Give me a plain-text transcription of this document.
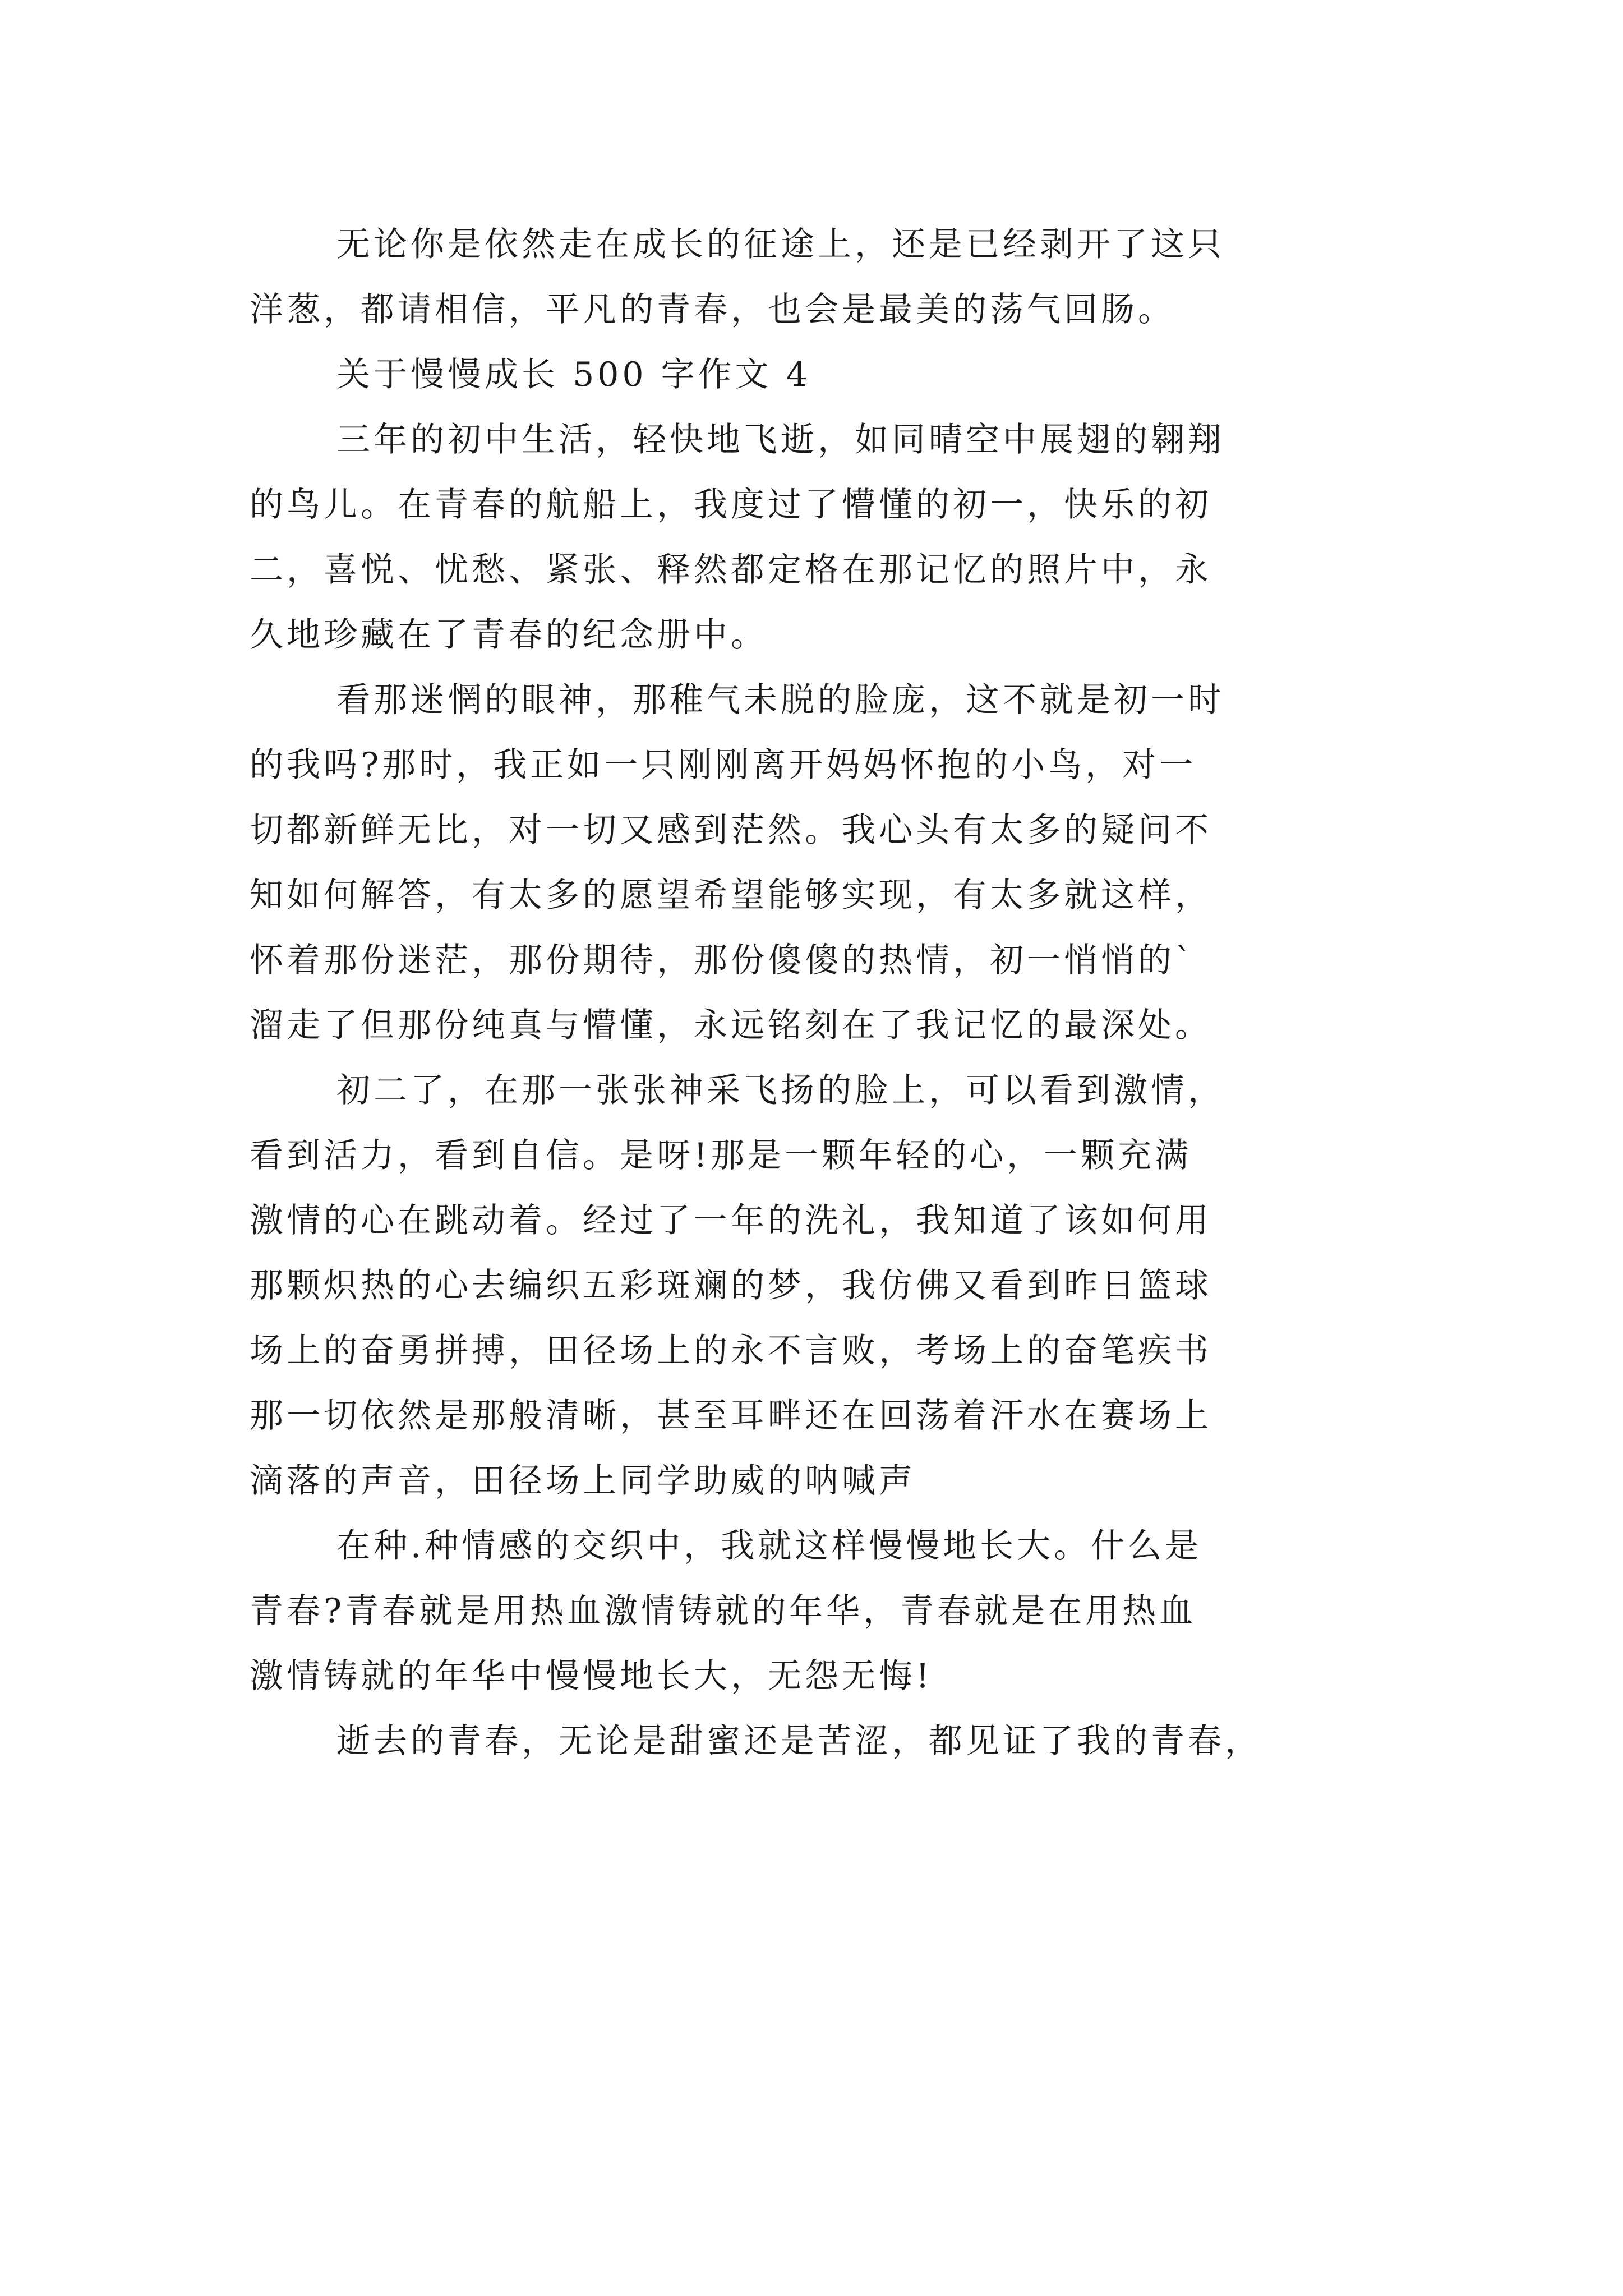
无论你是依然走在成长的征途上，还是已经剥开了这只
洋葱，都请相信，平凡的青春，也会是最美的荡气回肠。
关于慢慢成长 500 字作文 4
三年的初中生活，轻快地飞逝，如同晴空中展翅的翱翔
的鸟儿。在青春的航船上，我度过了懵懂的初一，快乐的初
二，喜悦、忧愁、紧张、释然都定格在那记忆的照片中，永
久地珍藏在了青春的纪念册中。
看那迷惘的眼神，那稚气未脱的脸庞，这不就是初一时
的我吗?那时，我正如一只刚刚离开妈妈怀抱的小鸟，对一
切都新鲜无比，对一切又感到茫然。我心头有太多的疑问不
知如何解答，有太多的愿望希望能够实现，有太多就这样，
怀着那份迷茫，那份期待，那份傻傻的热情，初一悄悄的`
溜走了但那份纯真与懵懂，永远铭刻在了我记忆的最深处。
初二了，在那一张张神采飞扬的脸上，可以看到激情，
看到活力，看到自信。是呀!那是一颗年轻的心，一颗充满
激情的心在跳动着。经过了一年的洗礼，我知道了该如何用
那颗炽热的心去编织五彩斑斓的梦，我仿佛又看到昨日篮球
场上的奋勇拼搏，田径场上的永不言败，考场上的奋笔疾书
那一切依然是那般清晰，甚至耳畔还在回荡着汗水在赛场上
滴落的声音，田径场上同学助威的呐喊声
在种.种情感的交织中，我就这样慢慢地长大。什么是
青春?青春就是用热血激情铸就的年华，青春就是在用热血
激情铸就的年华中慢慢地长大，无怨无悔!
逝去的青春，无论是甜蜜还是苦涩，都见证了我的青春，
